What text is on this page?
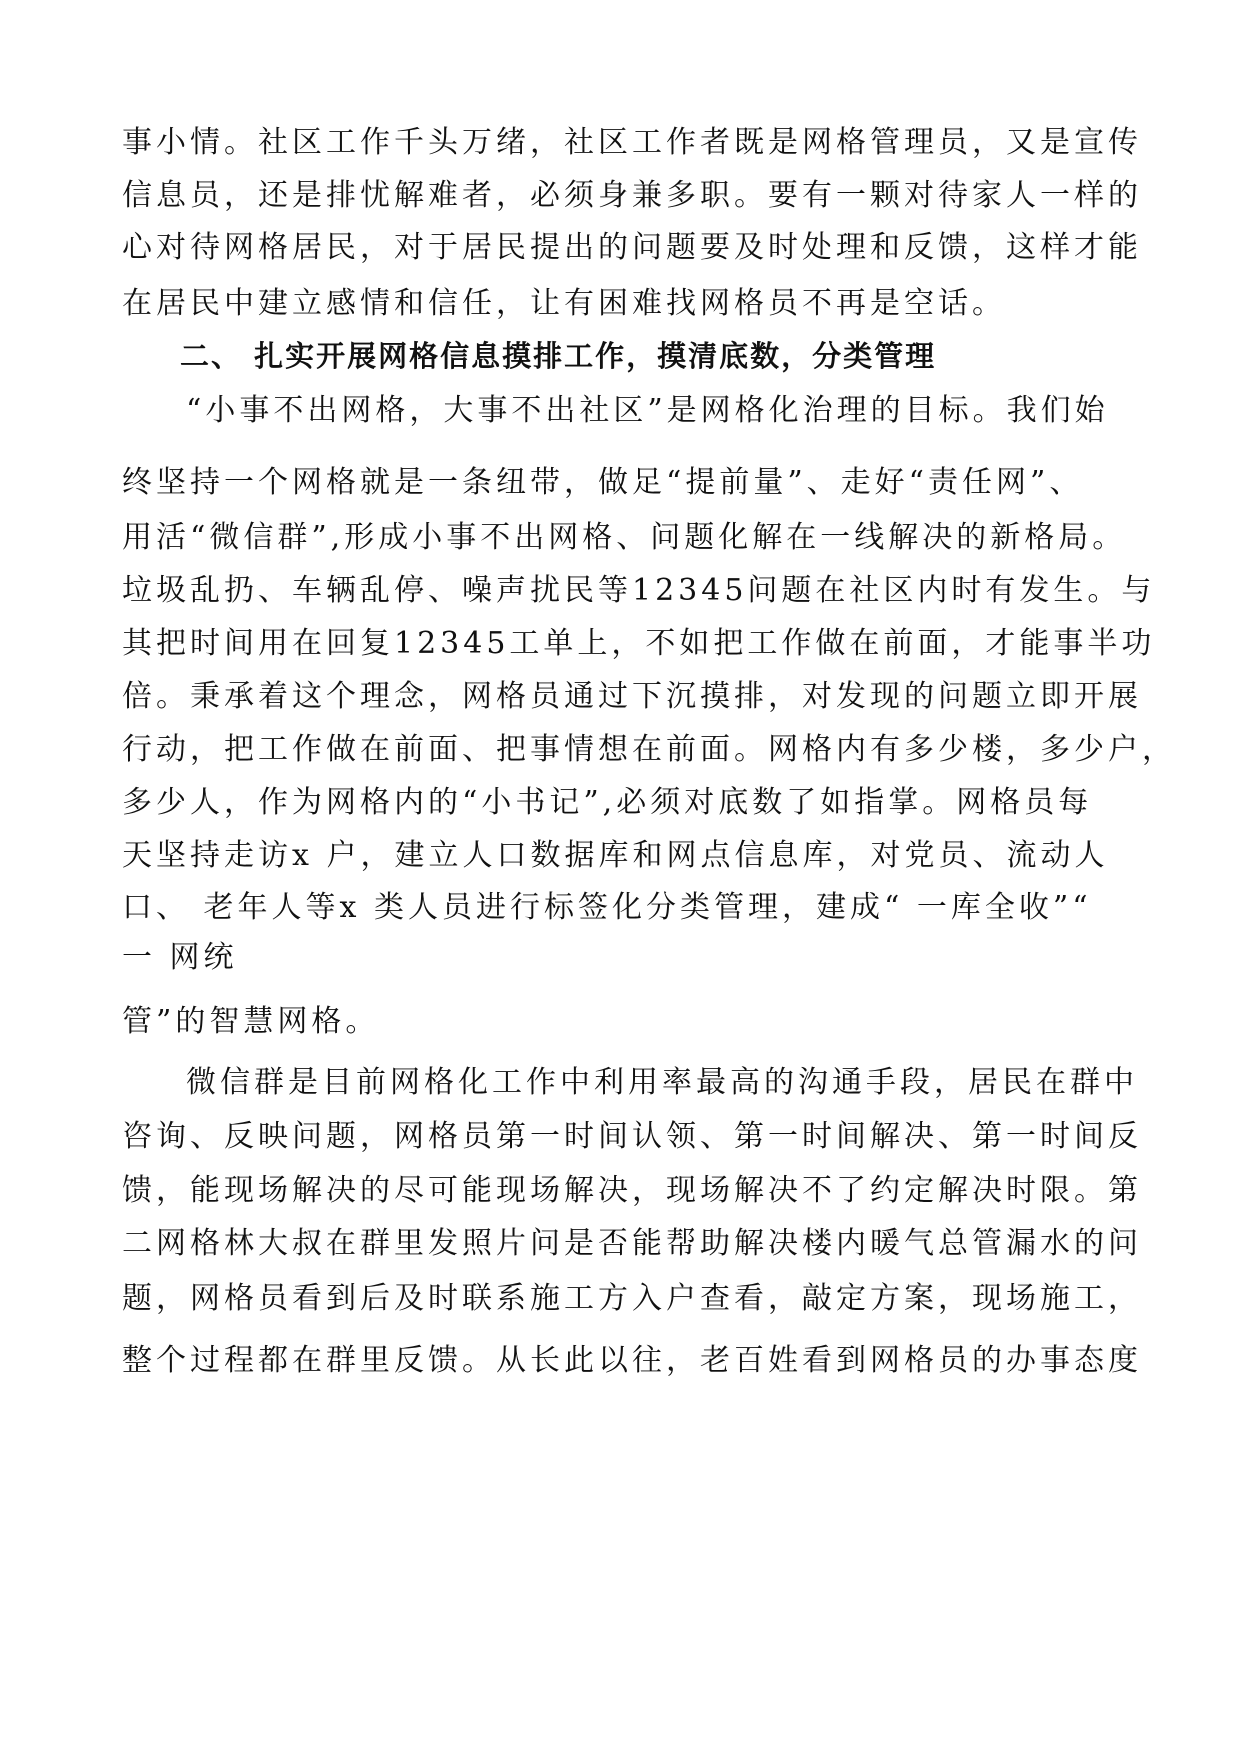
事小情。社区工作千头万绪，社区工作者既是网格管理员，又是宣传
信息员，还是排忧解难者，必须身兼多职。要有一颗对待家人一样的
心对待网格居民，对于居民提出的问题要及时处理和反馈，这样才能
在居民中建立感情和信任，让有困难找网格员不再是空话。
二、 扎实开展网格信息摸排工作，摸清底数，分类管理
“小事不出网格，大事不出社区”是网格化治理的目标。我们始
终坚持一个网格就是一条纽带，做足“提前量”、走好“责任网”、
用活“微信群”,形成小事不出网格、问题化解在一线解决的新格局。
垃圾乱扔、车辆乱停、噪声扰民等12345问题在社区内时有发生。与
其把时间用在回复12345工单上，不如把工作做在前面，才能事半功
倍。秉承着这个理念，网格员通过下沉摸排，对发现的问题立即开展
行动，把工作做在前面、把事情想在前面。网格内有多少楼，多少户，
多少人，作为网格内的“小书记”,必须对底数了如指掌。网格员每
天坚持走访x 户，建立人口数据库和网点信息库，对党员、流动人
口、 老年人等x 类人员进行标签化分类管理，建成“ 一库全收”“
一 网统
管”的智慧网格。
微信群是目前网格化工作中利用率最高的沟通手段，居民在群中
咨询、反映问题，网格员第一时间认领、第一时间解决、第一时间反
馈，能现场解决的尽可能现场解决，现场解决不了约定解决时限。第
二网格林大叔在群里发照片问是否能帮助解决楼内暖气总管漏水的问
题，网格员看到后及时联系施工方入户查看，敲定方案，现场施工，
整个过程都在群里反馈。从长此以往，老百姓看到网格员的办事态度
